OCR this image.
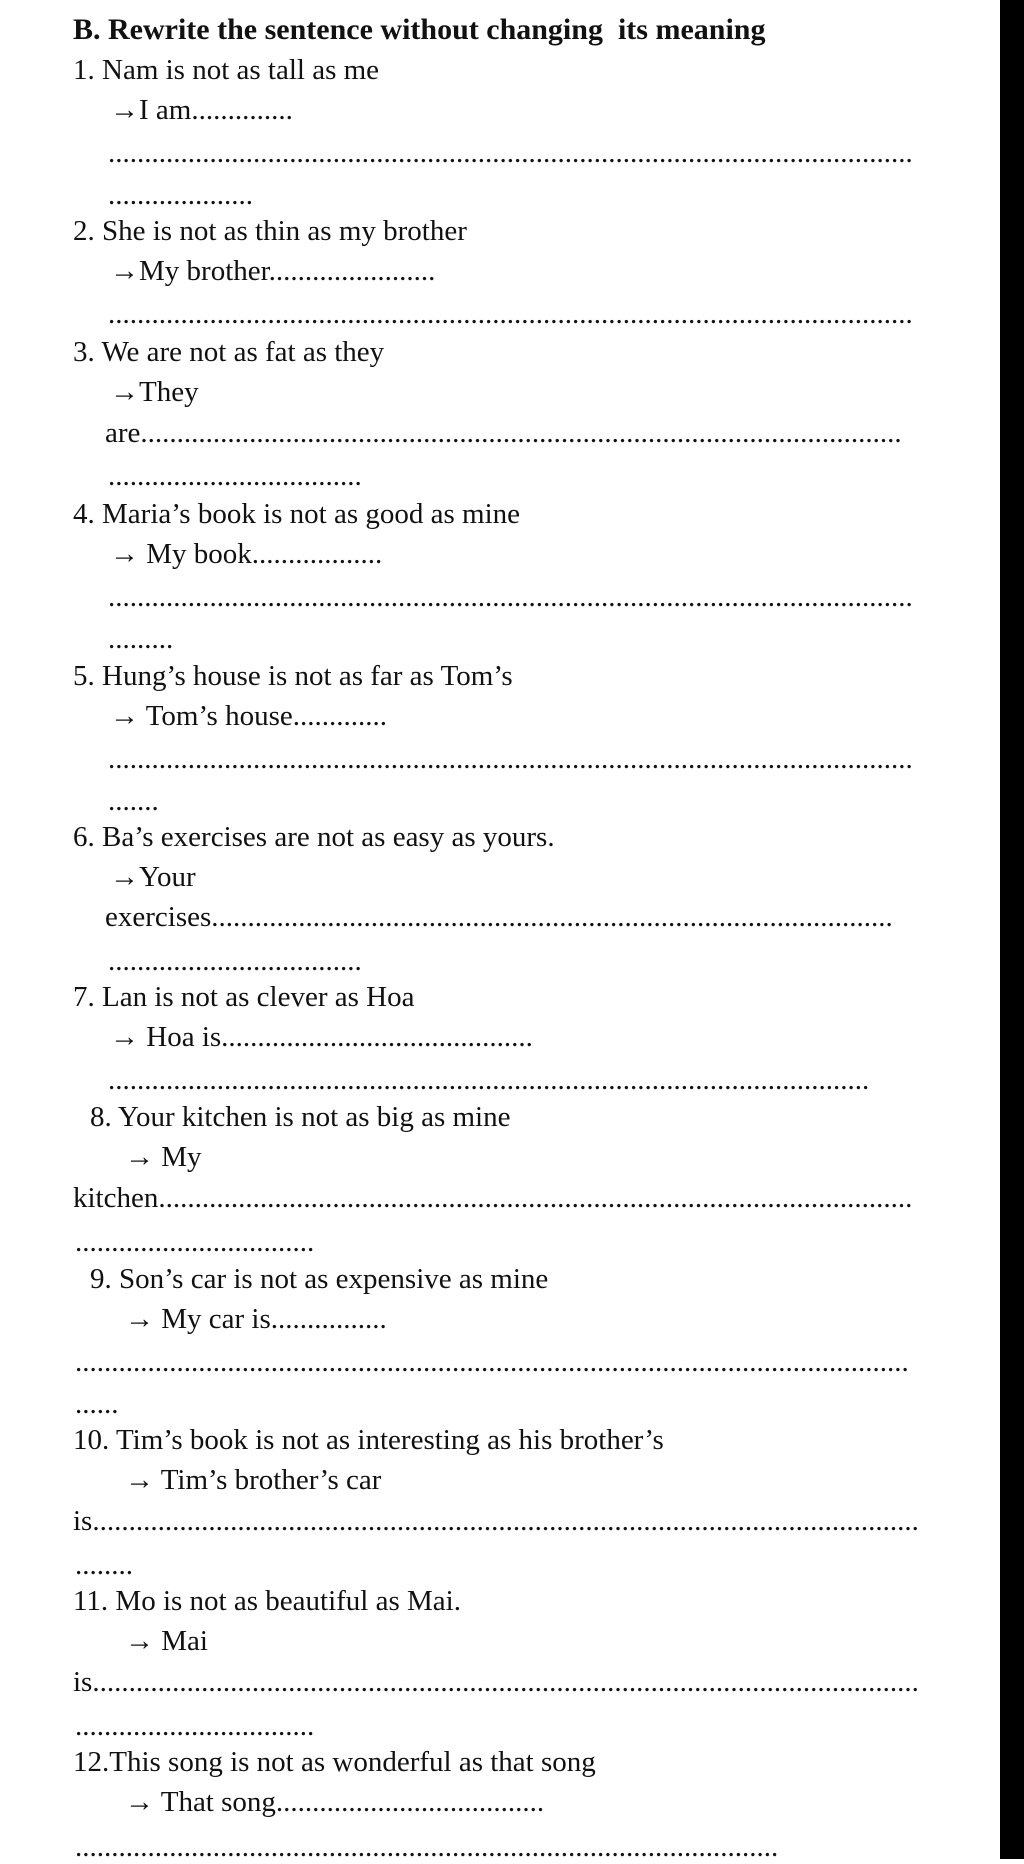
B. Rewrite the sentence without changing  its meaning
1. Nam is not as tall as me
→I am..............
...............................................................................................................
....................
2. She is not as thin as my brother
→My brother.......................
...............................................................................................................
3. We are not as fat as they
→They
are.........................................................................................................
...................................
4. Maria’s book is not as good as mine
→ My book..................
...............................................................................................................
.........
5. Hung’s house is not as far as Tom’s
→ Tom’s house.............
...............................................................................................................
.......
6. Ba’s exercises are not as easy as yours.
→Your
exercises..............................................................................................
...................................
7. Lan is not as clever as Hoa
→ Hoa is...........................................
.........................................................................................................
8. Your kitchen is not as big as mine
→ My
kitchen........................................................................................................
.................................
9. Son’s car is not as expensive as mine
→ My car is................
...................................................................................................................
......
10. Tim’s book is not as interesting as his brother’s
→ Tim’s brother’s car
is..................................................................................................................
........
11. Mo is not as beautiful as Mai.
→ Mai
is..................................................................................................................
.................................
12.This song is not as wonderful as that song
→ That song.....................................
.................................................................................................
